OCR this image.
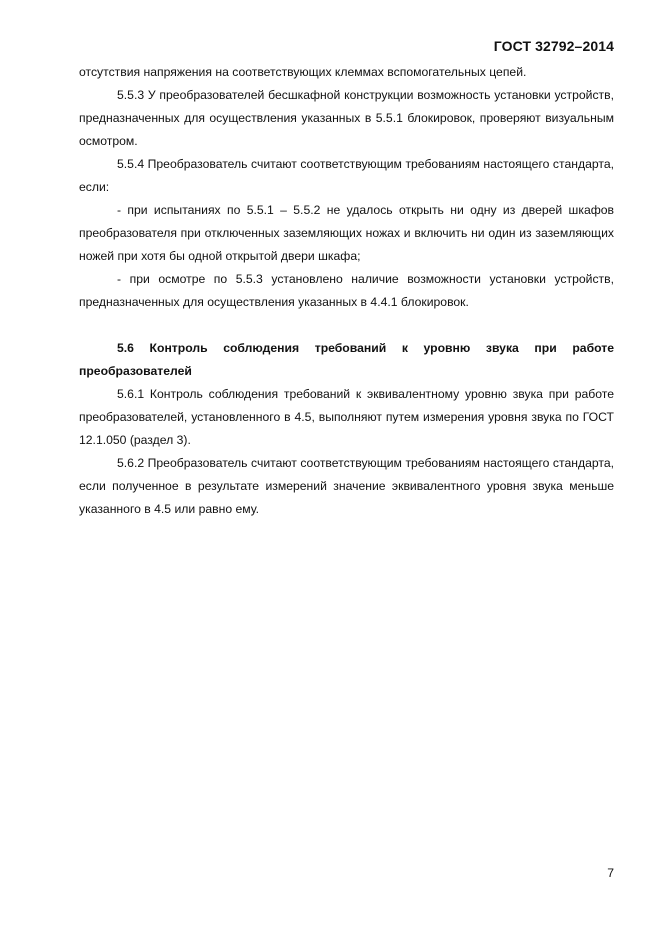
ГОСТ 32792–2014

отсутствия напряжения на соответствующих клеммах вспомогательных цепей.

5.5.3 У преобразователей бесшкафной конструкции возможность установки устройств, предназначенных для осуществления указанных в 5.5.1 блокировок, проверяют визуальным осмотром.

5.5.4 Преобразователь считают соответствующим требованиям настоящего стандарта, если:

- при испытаниях по 5.5.1 – 5.5.2 не удалось открыть ни одну из дверей шкафов преобразователя при отключенных заземляющих ножах и включить ни один из заземляющих ножей при хотя бы одной открытой двери шкафа;

- при осмотре по 5.5.3 установлено наличие возможности установки устройств, предназначенных для осуществления указанных в 4.4.1 блокировок.

5.6 Контроль соблюдения требований к уровню звука при работе преобразователей

5.6.1 Контроль соблюдения требований к эквивалентному уровню звука при работе преобразователей, установленного в 4.5, выполняют путем измерения уровня звука по ГОСТ 12.1.050 (раздел 3).

5.6.2 Преобразователь считают соответствующим требованиям настоящего стандарта, если полученное в результате измерений значение эквивалентного уровня звука меньше указанного в 4.5 или равно ему.

7
